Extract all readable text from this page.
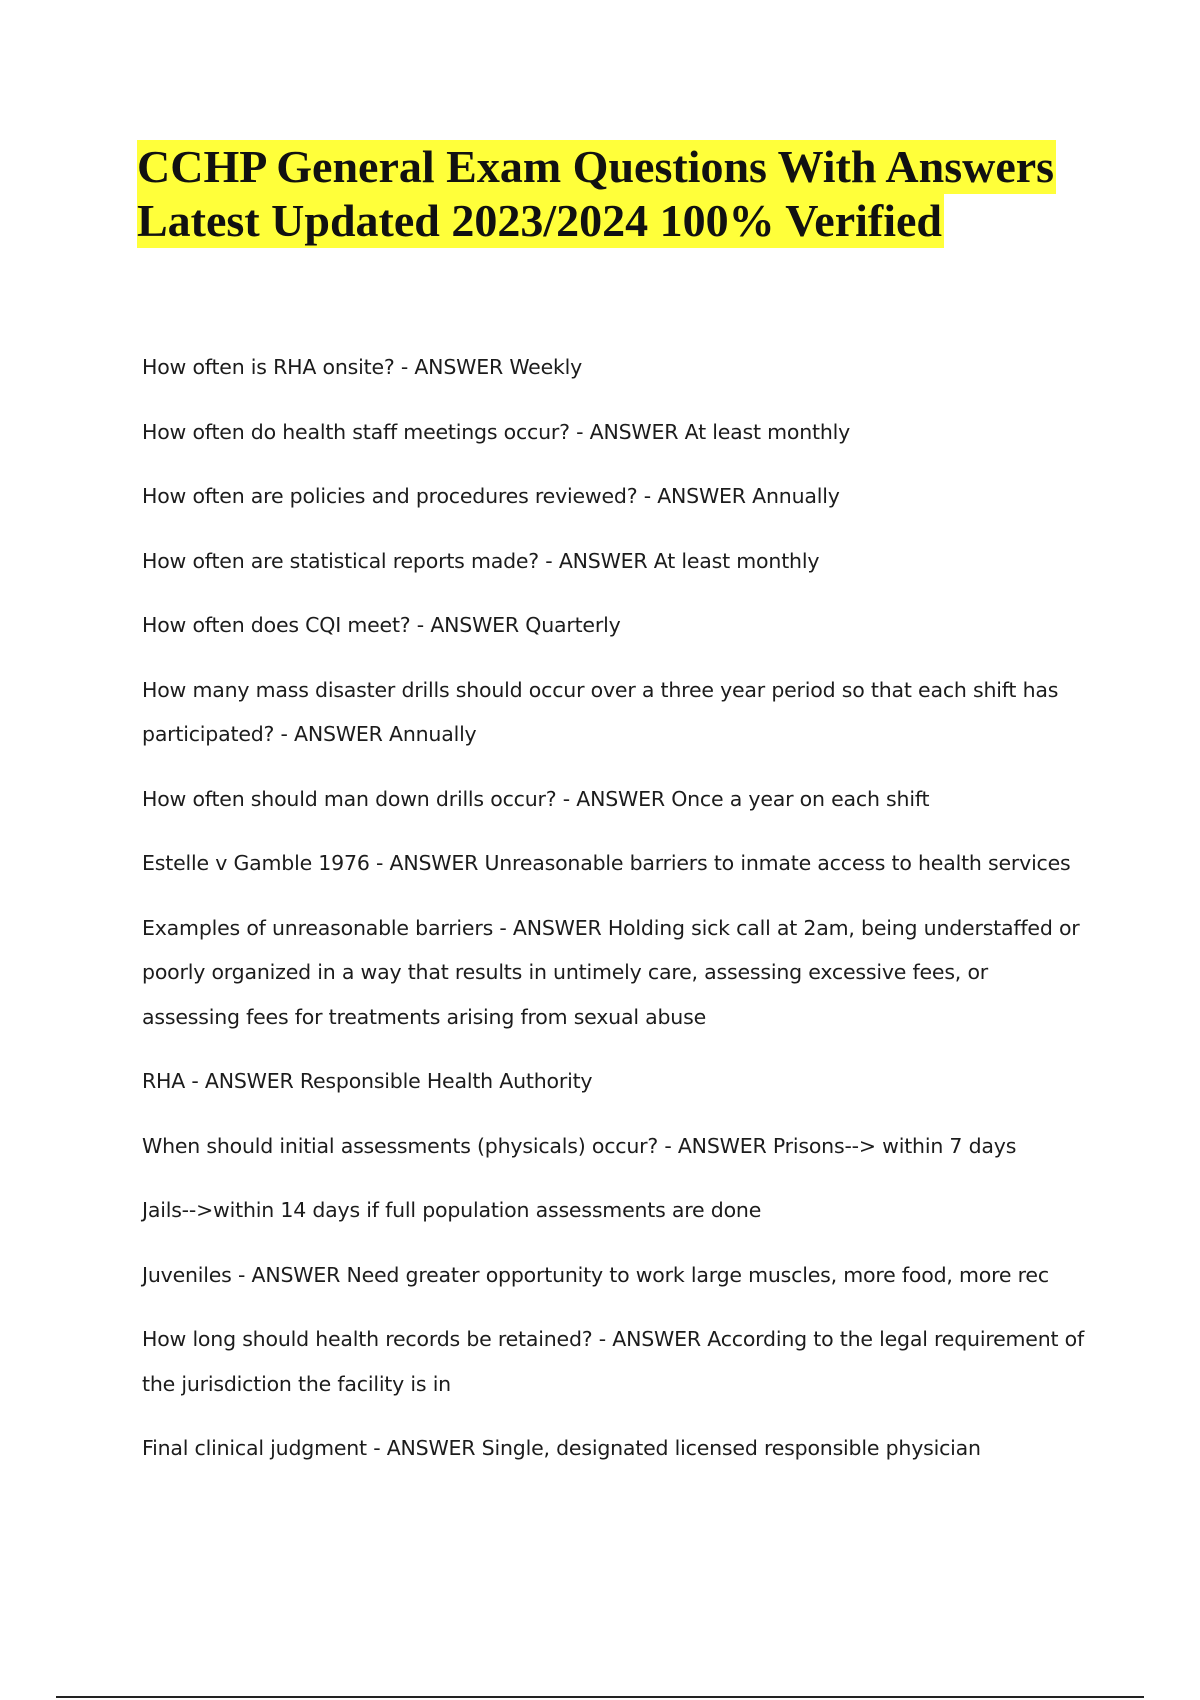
CCHP General Exam Questions With Answers
Latest Updated 2023/2024 100% Verified
How often is RHA onsite? - ANSWER Weekly
How often do health staff meetings occur? - ANSWER At least monthly
How often are policies and procedures reviewed? - ANSWER Annually
How often are statistical reports made? - ANSWER At least monthly
How often does CQI meet? - ANSWER Quarterly
How many mass disaster drills should occur over a three year period so that each shift has participated? - ANSWER Annually
How often should man down drills occur? - ANSWER Once a year on each shift
Estelle v Gamble 1976 - ANSWER Unreasonable barriers to inmate access to health services
Examples of unreasonable barriers - ANSWER Holding sick call at 2am, being understaffed or poorly organized in a way that results in untimely care, assessing excessive fees, or assessing fees for treatments arising from sexual abuse
RHA - ANSWER Responsible Health Authority
When should initial assessments (physicals) occur? - ANSWER Prisons--> within 7 days
Jails-->within 14 days if full population assessments are done
Juveniles - ANSWER Need greater opportunity to work large muscles, more food, more rec
How long should health records be retained? - ANSWER According to the legal requirement of the jurisdiction the facility is in
Final clinical judgment - ANSWER Single, designated licensed responsible physician
